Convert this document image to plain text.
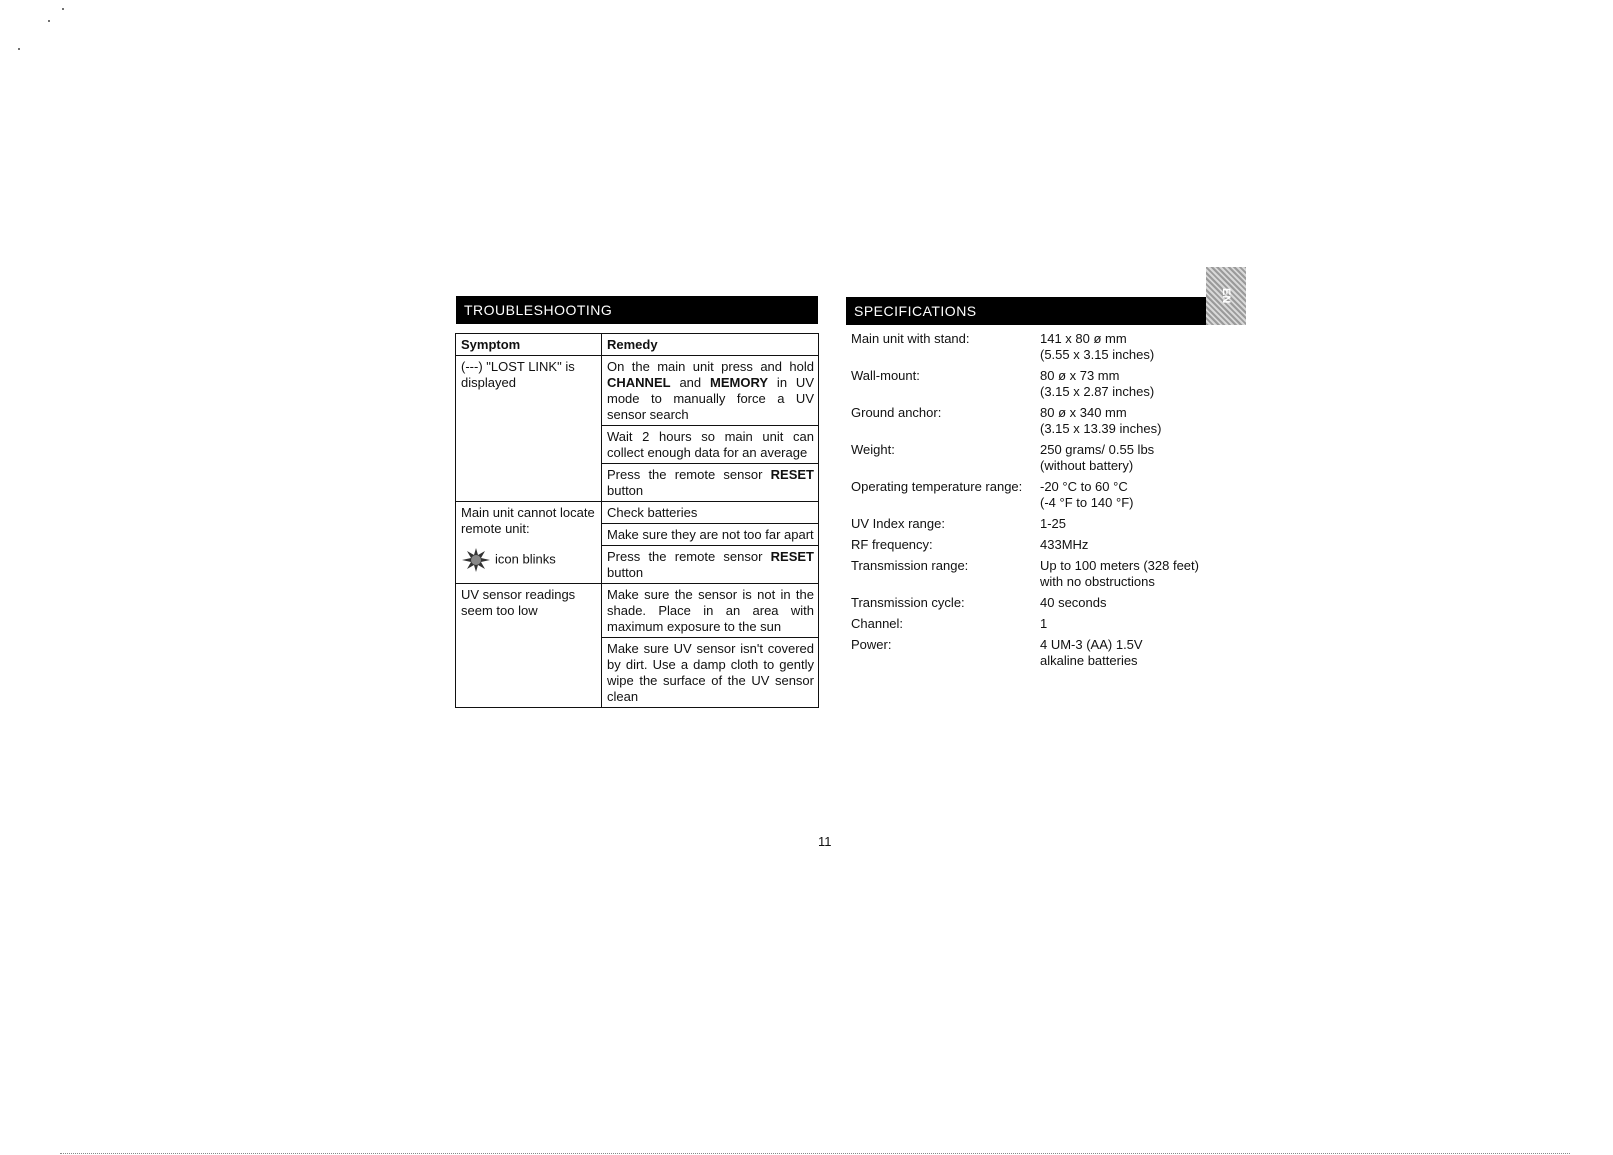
TROUBLESHOOTING
Symptom	Remedy
(---) "LOST LINK" is displayed	On the main unit press and hold CHANNEL and MEMORY in UV mode to manually force a UV sensor search
	Wait 2 hours so main unit can collect enough data for an average
	Press the remote sensor RESET button

Main unit cannot locate remote unit:
icon blinks	Check batteries
	Make sure they are not too far apart
	Press the remote sensor RESET button
UV sensor readings seem too low	Make sure the sensor is not in the shade. Place in an area with maximum exposure to the sun
	Make sure UV sensor isn't covered by dirt. Use a damp cloth to gently wipe the surface of the UV sensor clean
SPECIFICATIONS
EN
Main unit with stand:	141 x 80 ø mm
(5.55 x 3.15 inches)
Wall-mount:	80 ø x 73 mm
(3.15 x 2.87 inches)
Ground anchor:	80 ø x 340 mm
(3.15 x 13.39 inches)
Weight:	250 grams/ 0.55 lbs
(without battery)
Operating temperature range:	-20 °C to 60 °C
(-4 °F to 140 °F)
UV Index range:	1-25
RF frequency:	433MHz
Transmission range:	Up to 100 meters (328 feet)
with no obstructions
Transmission cycle:	40 seconds
Channel:	1
Power:	4 UM-3 (AA) 1.5V
alkaline batteries
11
